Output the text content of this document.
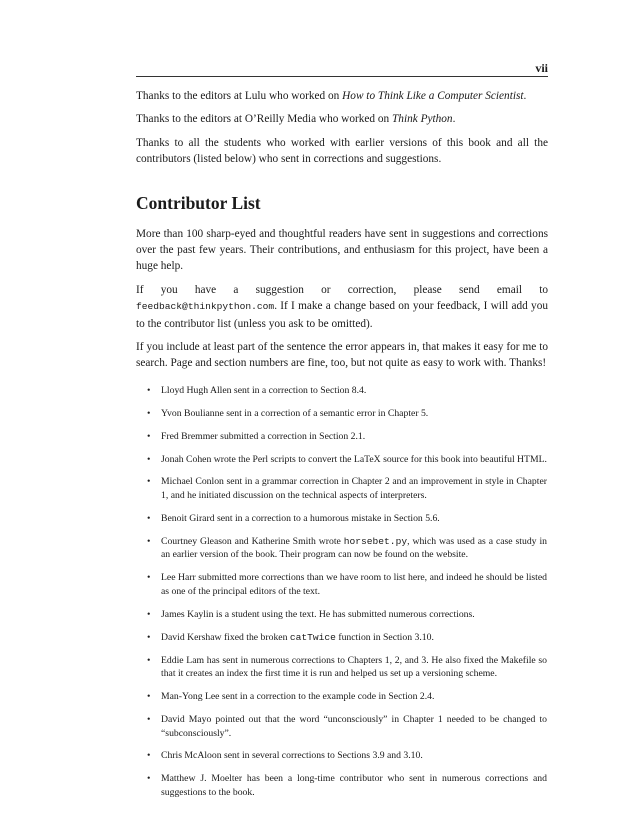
vii

Thanks to the editors at Lulu who worked on How to Think Like a Computer Scientist.

Thanks to the editors at O’Reilly Media who worked on Think Python.

Thanks to all the students who worked with earlier versions of this book and all the contributors (listed below) who sent in corrections and suggestions.

Contributor List

More than 100 sharp-eyed and thoughtful readers have sent in suggestions and corrections over the past few years. Their contributions, and enthusiasm for this project, have been a huge help.

If you have a suggestion or correction, please send email to feedback@thinkpython.com. If I make a change based on your feedback, I will add you to the contributor list (unless you ask to be omitted).

If you include at least part of the sentence the error appears in, that makes it easy for me to search. Page and section numbers are fine, too, but not quite as easy to work with. Thanks!

• Lloyd Hugh Allen sent in a correction to Section 8.4.
• Yvon Boulianne sent in a correction of a semantic error in Chapter 5.
• Fred Bremmer submitted a correction in Section 2.1.
• Jonah Cohen wrote the Perl scripts to convert the LaTeX source for this book into beautiful HTML.
• Michael Conlon sent in a grammar correction in Chapter 2 and an improvement in style in Chapter 1, and he initiated discussion on the technical aspects of interpreters.
• Benoit Girard sent in a correction to a humorous mistake in Section 5.6.
• Courtney Gleason and Katherine Smith wrote horsebet.py, which was used as a case study in an earlier version of the book. Their program can now be found on the website.
• Lee Harr submitted more corrections than we have room to list here, and indeed he should be listed as one of the principal editors of the text.
• James Kaylin is a student using the text. He has submitted numerous corrections.
• David Kershaw fixed the broken catTwice function in Section 3.10.
• Eddie Lam has sent in numerous corrections to Chapters 1, 2, and 3. He also fixed the Makefile so that it creates an index the first time it is run and helped us set up a versioning scheme.
• Man-Yong Lee sent in a correction to the example code in Section 2.4.
• David Mayo pointed out that the word “unconsciously” in Chapter 1 needed to be changed to “subconsciously”.
• Chris McAloon sent in several corrections to Sections 3.9 and 3.10.
• Matthew J. Moelter has been a long-time contributor who sent in numerous corrections and suggestions to the book.
